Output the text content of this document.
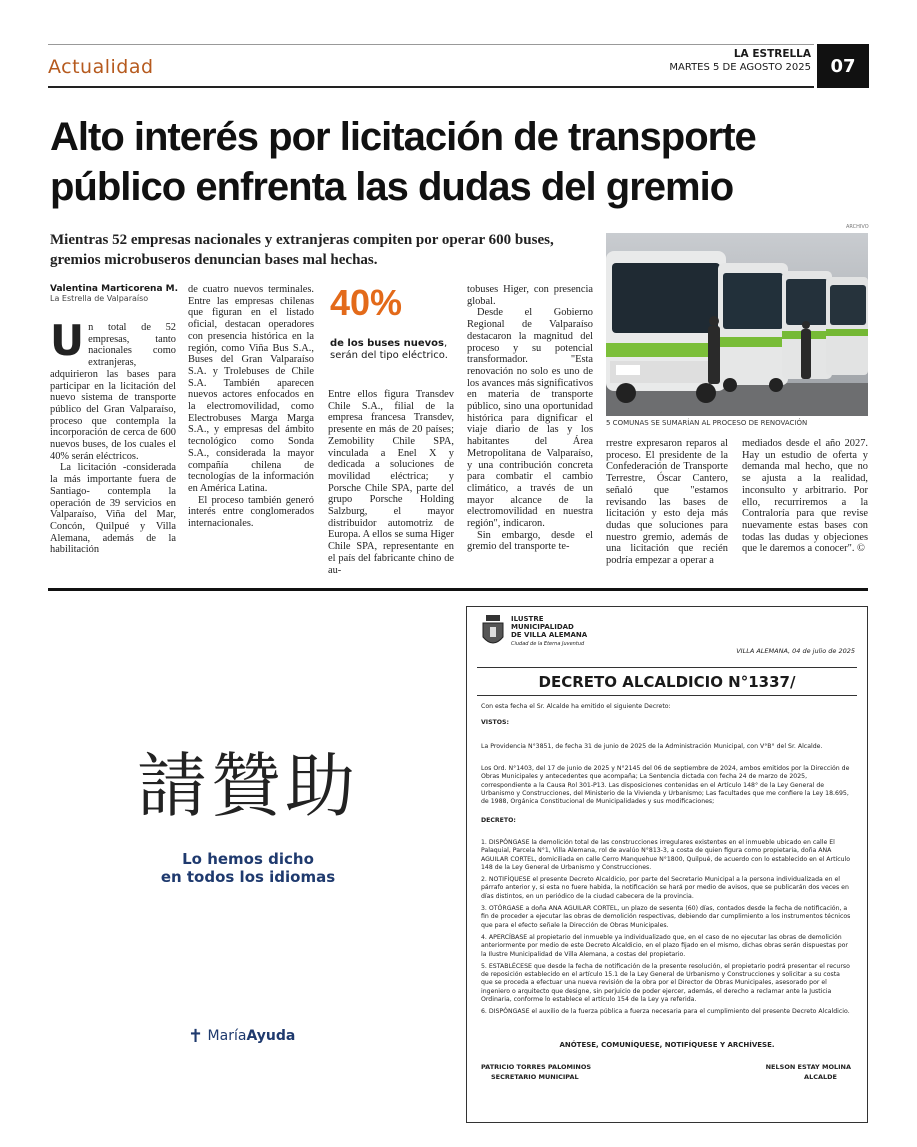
Actualidad
LA ESTRELLA
MARTES 5 DE AGOSTO 2025	07
Alto interés por licitación de transporte
público enfrenta las dudas del gremio
Mientras 52 empresas nacionales y extranjeras compiten por operar 600 buses, gremios microbuseros denuncian bases mal hechas.
ARCHIVO
5 COMUNAS SE SUMARÍAN AL PROCESO DE RENOVACIÓN
Valentina Marticorena M.
La Estrella de Valparaíso

Un total de 52 empresas, tanto nacionales como extranjeras, adquirieron las bases para participar en la licitación del nuevo sistema de transporte público del Gran Valparaíso, proceso que contempla la incorporación de cerca de 600 nuevos buses, de los cuales el 40% serán eléctricos.

La licitación -considerada la más importante fuera de Santiago- contempla la operación de 39 servicios en Valparaíso, Viña del Mar, Concón, Quilpué y Villa Alemana, además de la habilitación

de cuatro nuevos terminales. Entre las empresas chilenas que figuran en el listado oficial, destacan operadores con presencia histórica en la región, como Viña Bus S.A., Buses del Gran Valparaíso S.A. y Trolebuses de Chile S.A. También aparecen nuevos actores enfocados en la electromovilidad, como Electrobuses Marga Marga S.A., y empresas del ámbito tecnológico como Sonda S.A., considerada la mayor compañía chilena de tecnologías de la información en América Latina.

El proceso también generó interés entre conglomerados internacionales.

40%
de los buses nuevos, serán del tipo eléctrico.

Entre ellos figura Transdev Chile S.A., filial de la empresa francesa Transdev, presente en más de 20 países; Zemobility Chile SPA, vinculada a Enel X y dedicada a soluciones de movilidad eléctrica; y Porsche Chile SPA, parte del grupo Porsche Holding Salzburg, el mayor distribuidor automotriz de Europa. A ellos se suma Higer Chile SPA, representante en el país del fabricante chino de au-

tobuses Higer, con presencia global.

Desde el Gobierno Regional de Valparaíso destacaron la magnitud del proceso y su potencial transformador. "Esta renovación no solo es uno de los avances más significativos en materia de transporte público, sino una oportunidad histórica para dignificar el viaje diario de las y los habitantes del Área Metropolitana de Valparaíso, y una contribución concreta para combatir el cambio climático, a través de un mayor alcance de la electromovilidad en nuestra región", indicaron.

Sin embargo, desde el gremio del transporte te-

rrestre expresaron reparos al proceso. El presidente de la Confederación de Transporte Terrestre, Óscar Cantero, señaló que "estamos revisando las bases de licitación y esto deja más dudas que soluciones para nuestro gremio, además de una licitación que recién podría empezar a operar a

mediados desde el año 2027. Hay un estudio de oferta y demanda mal hecho, que no se ajusta a la realidad, inconsulto y arbitrario. Por ello, recurriremos a la Contraloría para que revise nuevamente estas bases con todas las dudas y objeciones que le daremos a conocer". ©

請贊助
Lo hemos dicho
en todos los idiomas
✝ MaríaAyuda
ILUSTRE
MUNICIPALIDAD
DE VILLA ALEMANA
Ciudad de la Eterna Juventud
VILLA ALEMANA, 04 de julio de 2025
DECRETO ALCALDICIO N°1337/
Con esta fecha el Sr. Alcalde ha emitido el siguiente Decreto:
VISTOS:
La Providencia N°3851, de fecha 31 de junio de 2025 de la Administración Municipal, con V°B° del Sr. Alcalde.
Los Ord. N°1403, del 17 de junio de 2025 y N°2145 del 06 de septiembre de 2024, ambos emitidos por la Dirección de Obras Municipales y antecedentes que acompaña; La Sentencia dictada con fecha 24 de marzo de 2025, correspondiente a la Causa Rol 301-P13. Las disposiciones contenidas en el Artículo 148° de la Ley General de Urbanismo y Construcciones, del Ministerio de la Vivienda y Urbanismo; Las facultades que me confiere la Ley 18.695, de 1988, Orgánica Constitucional de Municipalidades y sus modificaciones;
DECRETO:
1. DISPÓNGASE la demolición total de las construcciones irregulares existentes en el inmueble ubicado en calle El Palaquial, Parcela N°1, Villa Alemana, rol de avalúo N°813-3, a costa de quien figura como propietaria, doña ANA AGUILAR CORTEL, domiciliada en calle Cerro Manquehue N°1800, Quilpué, de acuerdo con lo establecido en el Artículo 148 de la Ley General de Urbanismo y Construcciones.
2. NOTIFÍQUESE el presente Decreto Alcaldicio, por parte del Secretario Municipal a la persona individualizada en el párrafo anterior y, si esta no fuere habida, la notificación se hará por medio de avisos, que se publicarán dos veces en días distintos, en un periódico de la ciudad cabecera de la provincia.
3. OTÓRGASE a doña ANA AGUILAR CORTEL, un plazo de sesenta (60) días, contados desde la fecha de notificación, a fin de proceder a ejecutar las obras de demolición respectivas, debiendo dar cumplimiento a los instrumentos técnicos que para el efecto señale la Dirección de Obras Municipales.
4. APERCÍBASE al propietario del inmueble ya individualizado que, en el caso de no ejecutar las obras de demolición anteriormente por medio de este Decreto Alcaldicio, en el plazo fijado en el mismo, dichas obras serán dispuestas por la Ilustre Municipalidad de Villa Alemana, a costas del propietario.
5. ESTABLÉCESE que desde la fecha de notificación de la presente resolución, el propietario podrá presentar el recurso de reposición establecido en el artículo 15.1 de la Ley General de Urbanismo y Construcciones y solicitar a su costa que se proceda a efectuar una nueva revisión de la obra por el Director de Obras Municipales, asesorado por el ingeniero o arquitecto que designe, sin perjuicio de poder ejercer, además, el derecho a reclamar ante la Justicia Ordinaria, conforme lo establece el artículo 154 de la Ley ya referida.
6. DISPÓNGASE el auxilio de la fuerza pública a fuerza necesaria para el cumplimiento del presente Decreto Alcaldicio.
ANÓTESE, COMUNÍQUESE, NOTIFÍQUESE Y ARCHÍVESE.
PATRICIO TORRES PALOMINOS
SECRETARIO MUNICIPAL
NELSON ESTAY MOLINA
ALCALDE
